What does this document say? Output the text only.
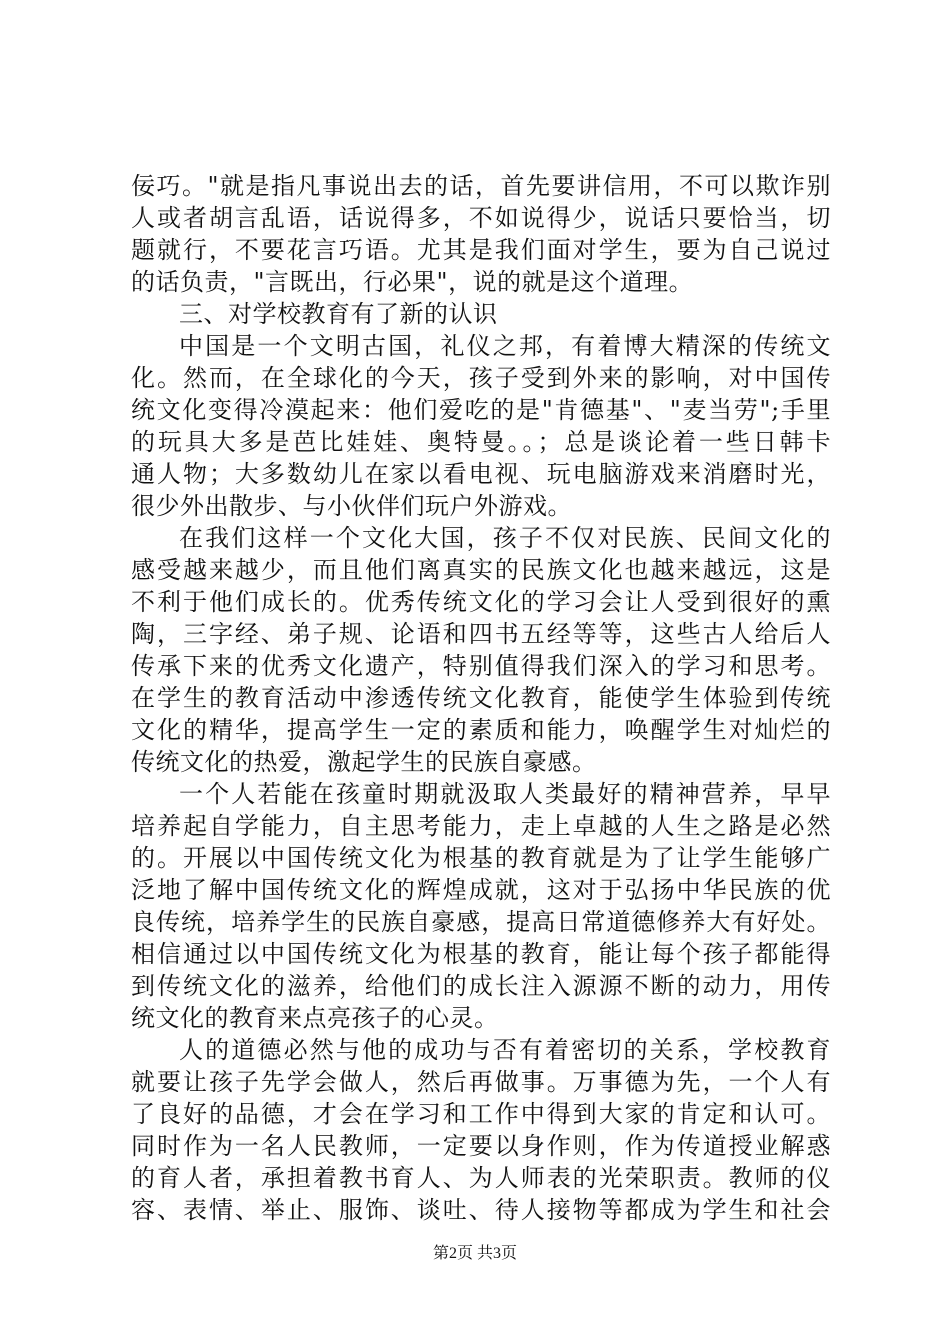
佞巧。"就是指凡事说出去的话，首先要讲信用，不可以欺诈别
人或者胡言乱语，话说得多，不如说得少，说话只要恰当，切
题就行，不要花言巧语。尤其是我们面对学生，要为自己说过
的话负责，"言既出，行必果"，说的就是这个道理。
三、对学校教育有了新的认识
中国是一个文明古国，礼仪之邦，有着博大精深的传统文
化。然而，在全球化的今天，孩子受到外来的影响，对中国传
统文化变得冷漠起来：他们爱吃的是"肯德基"、"麦当劳";手里
的玩具大多是芭比娃娃、奥特曼。。；总是谈论着一些日韩卡
通人物；大多数幼儿在家以看电视、玩电脑游戏来消磨时光，
很少外出散步、与小伙伴们玩户外游戏。
在我们这样一个文化大国，孩子不仅对民族、民间文化的
感受越来越少，而且他们离真实的民族文化也越来越远，这是
不利于他们成长的。优秀传统文化的学习会让人受到很好的熏
陶，三字经、弟子规、论语和四书五经等等，这些古人给后人
传承下来的优秀文化遗产，特别值得我们深入的学习和思考。
在学生的教育活动中渗透传统文化教育，能使学生体验到传统
文化的精华，提高学生一定的素质和能力，唤醒学生对灿烂的
传统文化的热爱，激起学生的民族自豪感。
一个人若能在孩童时期就汲取人类最好的精神营养，早早
培养起自学能力，自主思考能力，走上卓越的人生之路是必然
的。开展以中国传统文化为根基的教育就是为了让学生能够广
泛地了解中国传统文化的辉煌成就，这对于弘扬中华民族的优
良传统，培养学生的民族自豪感，提高日常道德修养大有好处。
相信通过以中国传统文化为根基的教育，能让每个孩子都能得
到传统文化的滋养，给他们的成长注入源源不断的动力，用传
统文化的教育来点亮孩子的心灵。
人的道德必然与他的成功与否有着密切的关系，学校教育
就要让孩子先学会做人，然后再做事。万事德为先，一个人有
了良好的品德，才会在学习和工作中得到大家的肯定和认可。
同时作为一名人民教师，一定要以身作则，作为传道授业解惑
的育人者，承担着教书育人、为人师表的光荣职责。教师的仪
容、表情、举止、服饰、谈吐、待人接物等都成为学生和社会
第2页 共3页
